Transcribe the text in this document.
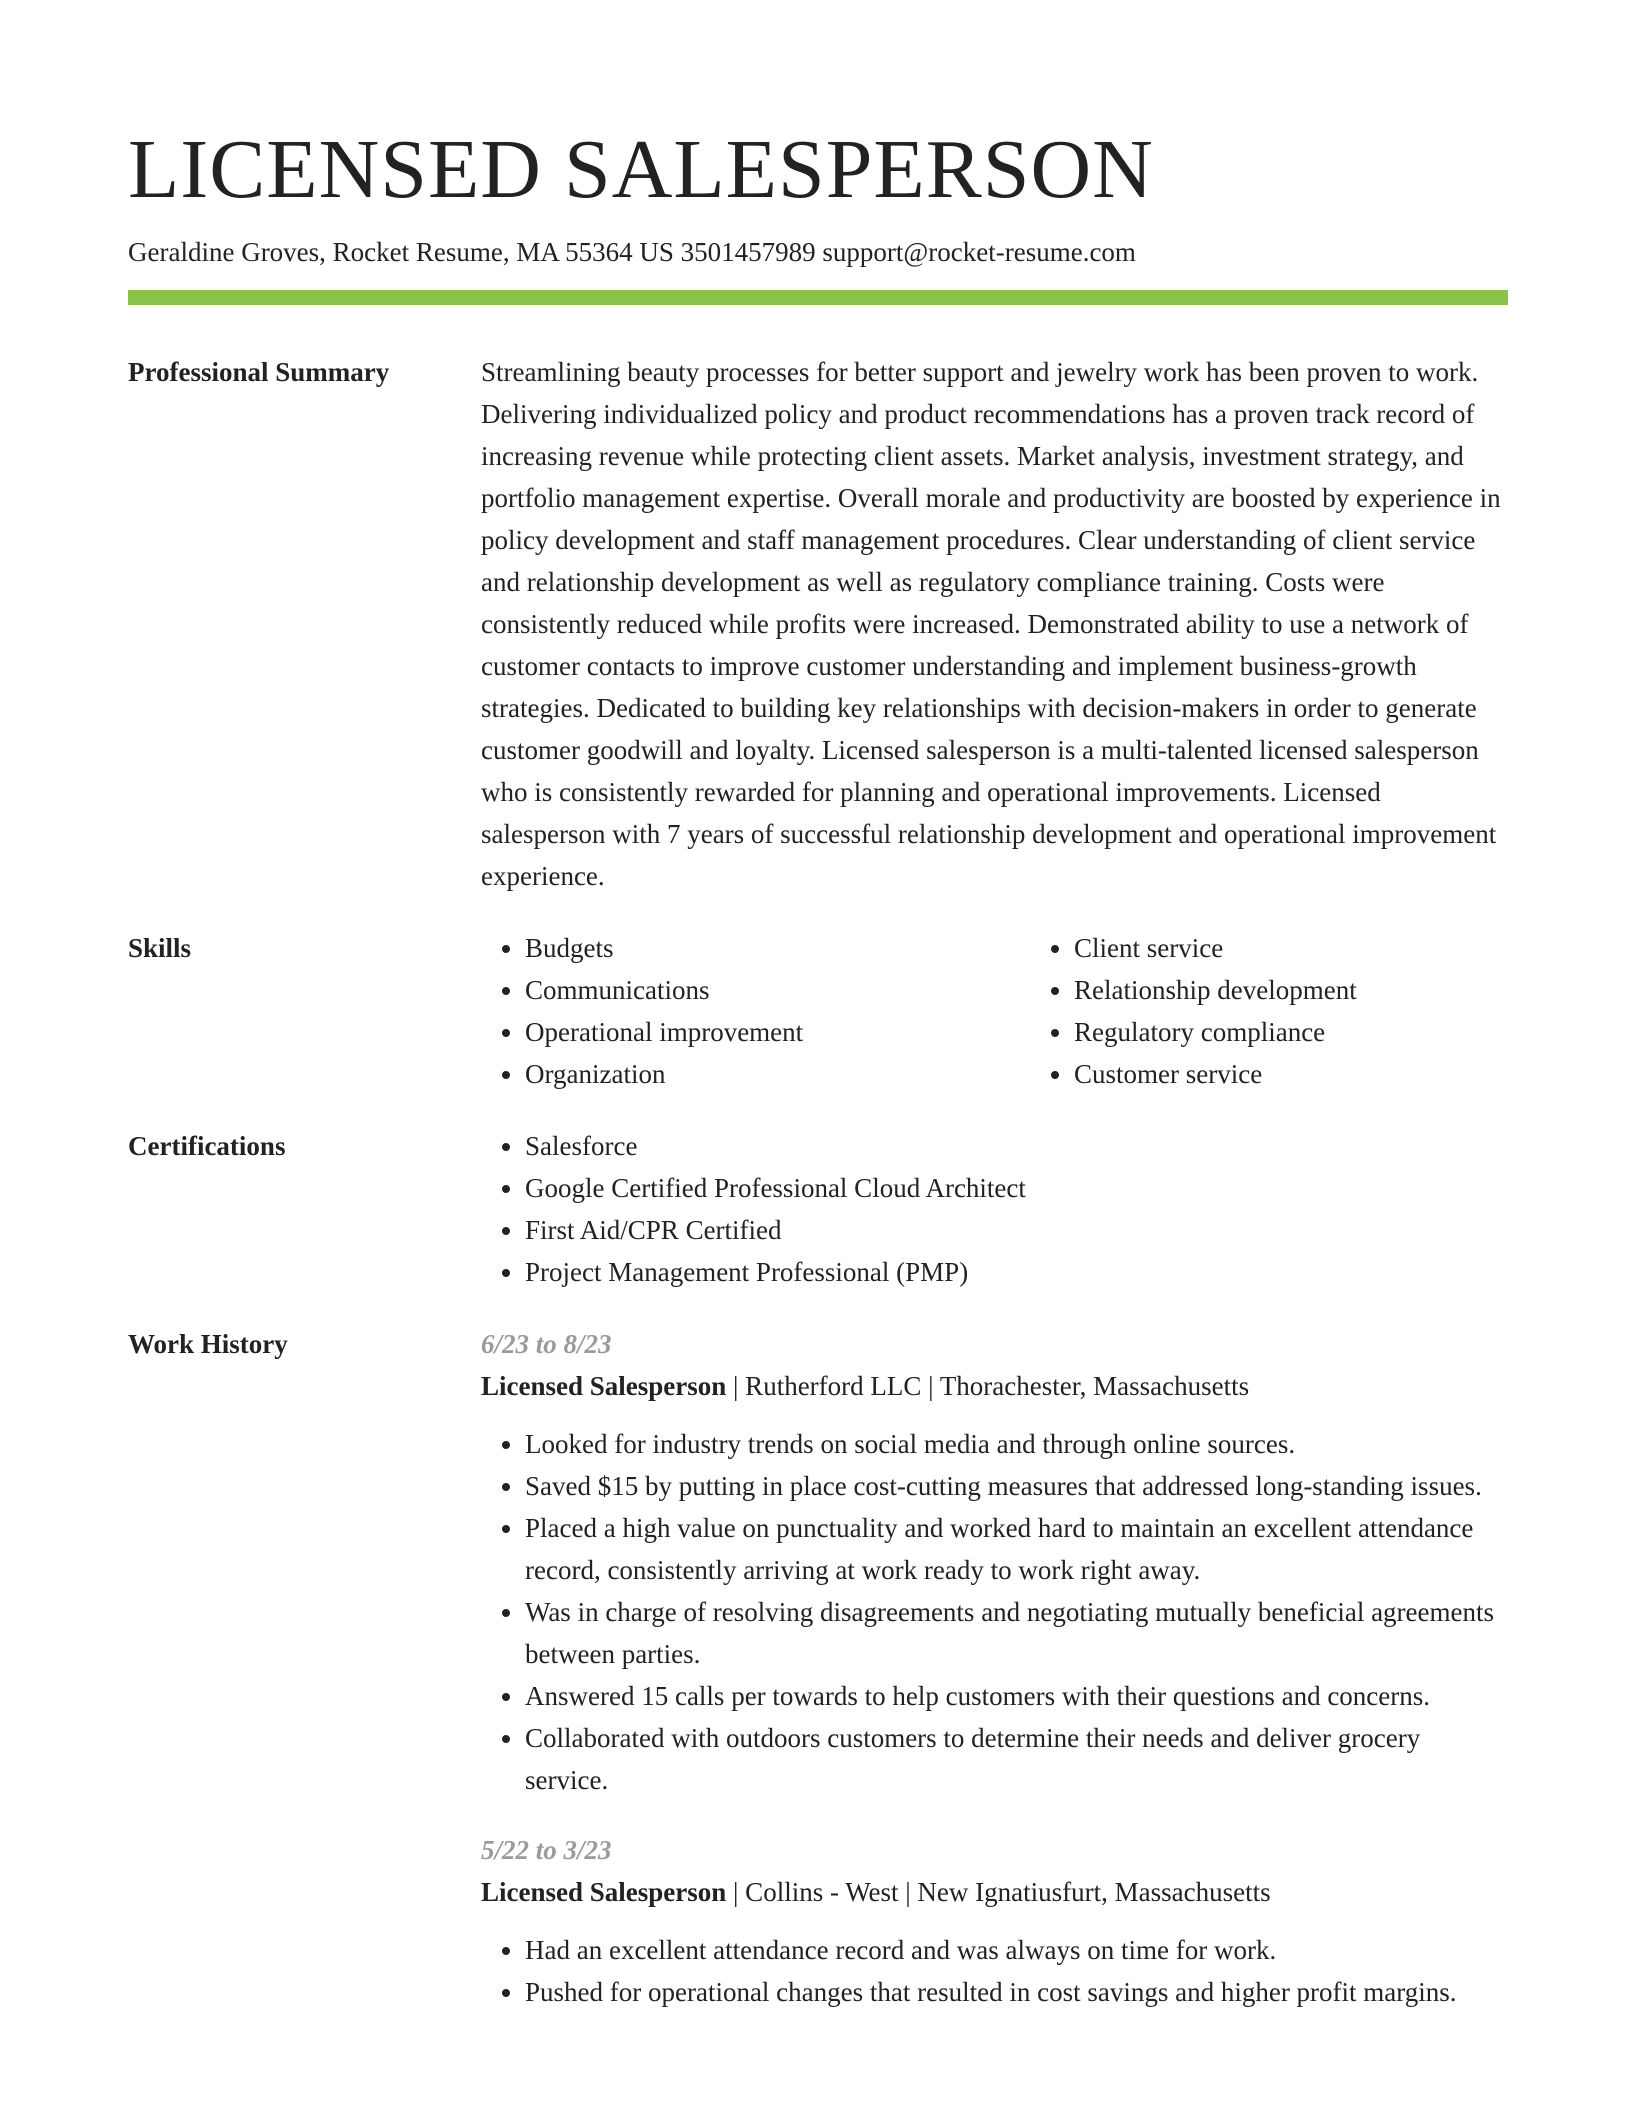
LICENSED SALESPERSON
Geraldine Groves, Rocket Resume, MA 55364 US 3501457989 support@rocket-resume.com
Professional Summary	Streamlining beauty processes for better support and jewelry work has been proven to work. Delivering individualized policy and product recommendations has a proven track record of increasing revenue while protecting client assets. Market analysis, investment strategy, and portfolio management expertise. Overall morale and productivity are boosted by experience in policy development and staff management procedures. Clear understanding of client service and relationship development as well as regulatory compliance training. Costs were consistently reduced while profits were increased. Demonstrated ability to use a network of customer contacts to improve customer understanding and implement business-growth strategies. Dedicated to building key relationships with decision-makers in order to generate customer goodwill and loyalty. Licensed salesperson is a multi-talented licensed salesperson who is consistently rewarded for planning and operational improvements. Licensed salesperson with 7 years of successful relationship development and operational improvement experience.
Skills	• Budgets
• Communications
• Operational improvement
• Organization
• Client service
• Relationship development
• Regulatory compliance
• Customer service
Certifications	• Salesforce
• Google Certified Professional Cloud Architect
• First Aid/CPR Certified
• Project Management Professional (PMP)
Work History	6/23 to 8/23
Licensed Salesperson | Rutherford LLC | Thorachester, Massachusetts
• Looked for industry trends on social media and through online sources.
• Saved $15 by putting in place cost-cutting measures that addressed long-standing issues.
• Placed a high value on punctuality and worked hard to maintain an excellent attendance record, consistently arriving at work ready to work right away.
• Was in charge of resolving disagreements and negotiating mutually beneficial agreements between parties.
• Answered 15 calls per towards to help customers with their questions and concerns.
• Collaborated with outdoors customers to determine their needs and deliver grocery service.
5/22 to 3/23
Licensed Salesperson | Collins - West | New Ignatiusfurt, Massachusetts
• Had an excellent attendance record and was always on time for work.
• Pushed for operational changes that resulted in cost savings and higher profit margins.
